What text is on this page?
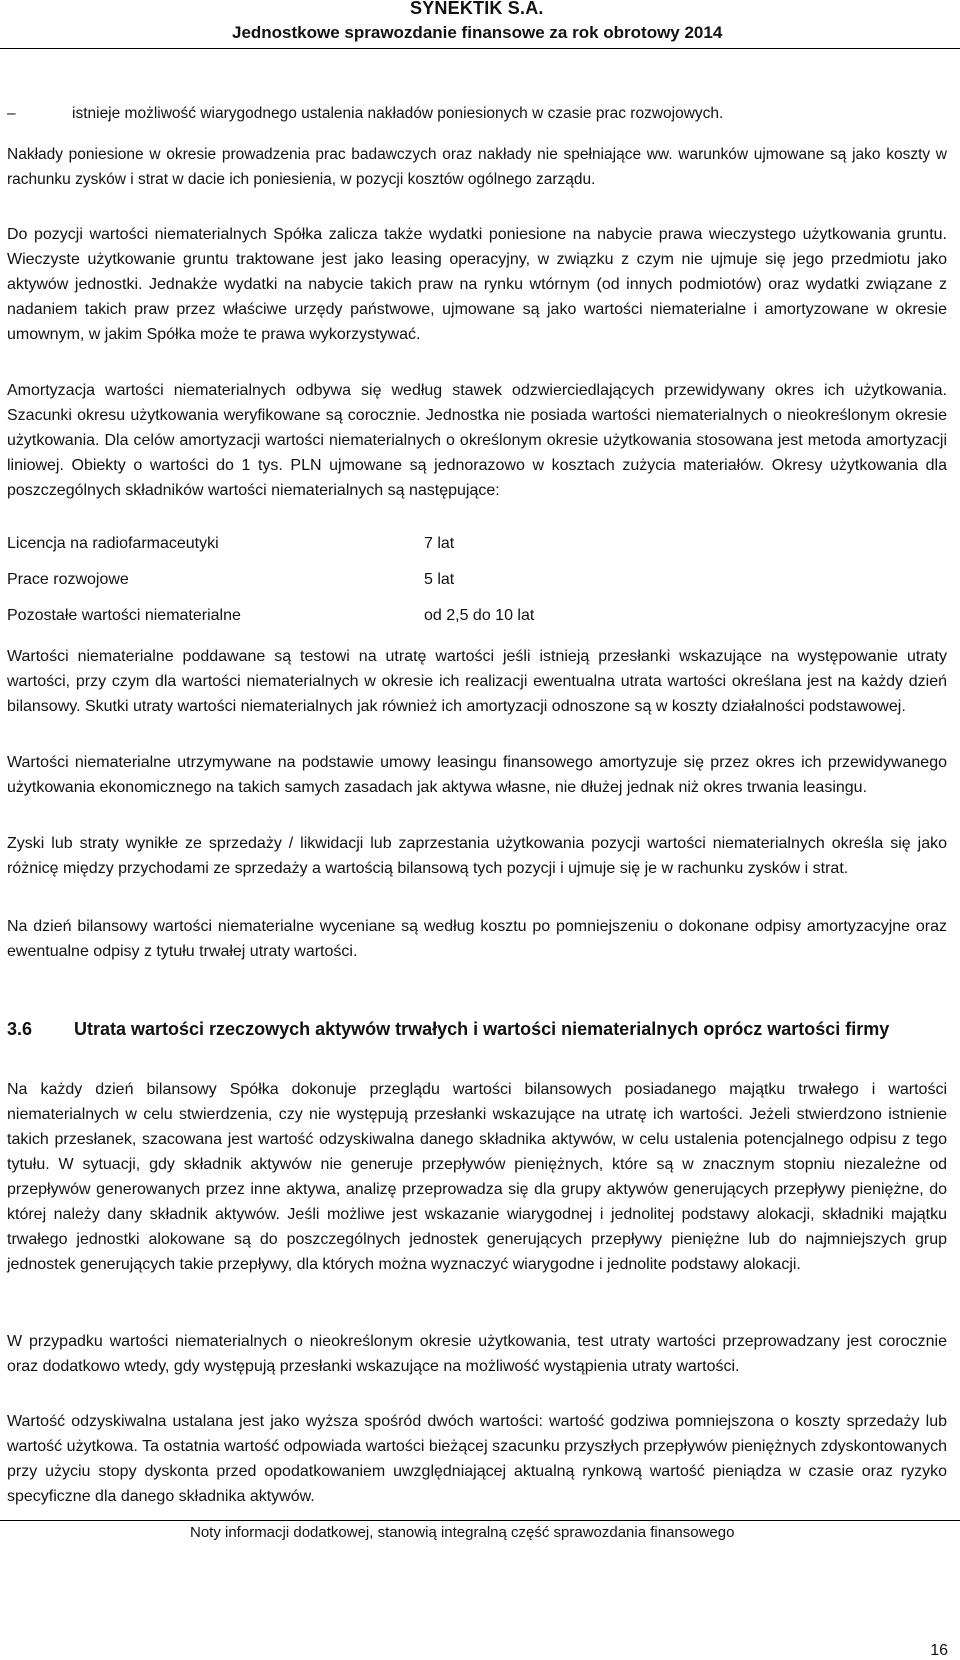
SYNEKTIK S.A.
Jednostkowe sprawozdanie finansowe za rok obrotowy 2014
–	istnieje możliwość wiarygodnego ustalenia nakładów poniesionych w czasie prac rozwojowych.

Nakłady poniesione w okresie prowadzenia prac badawczych oraz nakłady nie spełniające ww. warunków ujmowane są jako koszty w rachunku zysków i strat w dacie ich poniesienia, w pozycji kosztów ogólnego zarządu.

Do pozycji wartości niematerialnych Spółka zalicza także wydatki poniesione na nabycie prawa wieczystego użytkowania gruntu. Wieczyste użytkowanie gruntu traktowane jest jako leasing operacyjny, w związku z czym nie ujmuje się jego przedmiotu jako aktywów jednostki. Jednakże wydatki na nabycie takich praw na rynku wtórnym (od innych podmiotów) oraz wydatki związane z nadaniem takich praw przez właściwe urzędy państwowe, ujmowane są jako wartości niematerialne i amortyzowane w okresie umownym, w jakim Spółka może te prawa wykorzystywać.

Amortyzacja wartości niematerialnych odbywa się według stawek odzwierciedlających przewidywany okres ich użytkowania. Szacunki okresu użytkowania weryfikowane są corocznie. Jednostka nie posiada wartości niematerialnych o nieokreślonym okresie użytkowania. Dla celów amortyzacji wartości niematerialnych o określonym okresie użytkowania stosowana jest metoda amortyzacji liniowej. Obiekty o wartości do 1 tys. PLN ujmowane są jednorazowo w kosztach zużycia materiałów. Okresy użytkowania dla poszczególnych składników wartości niematerialnych są następujące:

Licencja na radiofarmaceutyki	7 lat
Prace rozwojowe	5 lat
Pozostałe wartości niematerialne	od 2,5 do 10 lat

Wartości niematerialne poddawane są testowi na utratę wartości jeśli istnieją przesłanki wskazujące na występowanie utraty wartości, przy czym dla wartości niematerialnych w okresie ich realizacji ewentualna utrata wartości określana jest na każdy dzień bilansowy. Skutki utraty wartości niematerialnych jak również ich amortyzacji odnoszone są w koszty działalności podstawowej.

Wartości niematerialne utrzymywane na podstawie umowy leasingu finansowego amortyzuje się przez okres ich przewidywanego użytkowania ekonomicznego na takich samych zasadach jak aktywa własne, nie dłużej jednak niż okres trwania leasingu.

Zyski lub straty wynikłe ze sprzedaży / likwidacji lub zaprzestania użytkowania pozycji wartości niematerialnych określa się jako różnicę między przychodami ze sprzedaży a wartością bilansową tych pozycji i ujmuje się je w rachunku zysków i strat.

Na dzień bilansowy wartości niematerialne wyceniane są według kosztu po pomniejszeniu o dokonane odpisy amortyzacyjne oraz ewentualne odpisy z tytułu trwałej utraty wartości.

3.6 Utrata wartości rzeczowych aktywów trwałych i wartości niematerialnych oprócz wartości firmy

Na każdy dzień bilansowy Spółka dokonuje przeglądu wartości bilansowych posiadanego majątku trwałego i wartości niematerialnych w celu stwierdzenia, czy nie występują przesłanki wskazujące na utratę ich wartości. Jeżeli stwierdzono istnienie takich przesłanek, szacowana jest wartość odzyskiwalna danego składnika aktywów, w celu ustalenia potencjalnego odpisu z tego tytułu. W sytuacji, gdy składnik aktywów nie generuje przepływów pieniężnych, które są w znacznym stopniu niezależne od przepływów generowanych przez inne aktywa, analizę przeprowadza się dla grupy aktywów generujących przepływy pieniężne, do której należy dany składnik aktywów. Jeśli możliwe jest wskazanie wiarygodnej i jednolitej podstawy alokacji, składniki majątku trwałego jednostki alokowane są do poszczególnych jednostek generujących przepływy pieniężne lub do najmniejszych grup jednostek generujących takie przepływy, dla których można wyznaczyć wiarygodne i jednolite podstawy alokacji.

W przypadku wartości niematerialnych o nieokreślonym okresie użytkowania, test utraty wartości przeprowadzany jest corocznie oraz dodatkowo wtedy, gdy występują przesłanki wskazujące na możliwość wystąpienia utraty wartości.

Wartość odzyskiwalna ustalana jest jako wyższa spośród dwóch wartości: wartość godziwa pomniejszona o koszty sprzedaży lub wartość użytkowa. Ta ostatnia wartość odpowiada wartości bieżącej szacunku przyszłych przepływów pieniężnych zdyskontowanych przy użyciu stopy dyskonta przed opodatkowaniem uwzględniającej aktualną rynkową wartość pieniądza w czasie oraz ryzyko specyficzne dla danego składnika aktywów.

Noty informacji dodatkowej, stanowią integralną część sprawozdania finansowego
16
